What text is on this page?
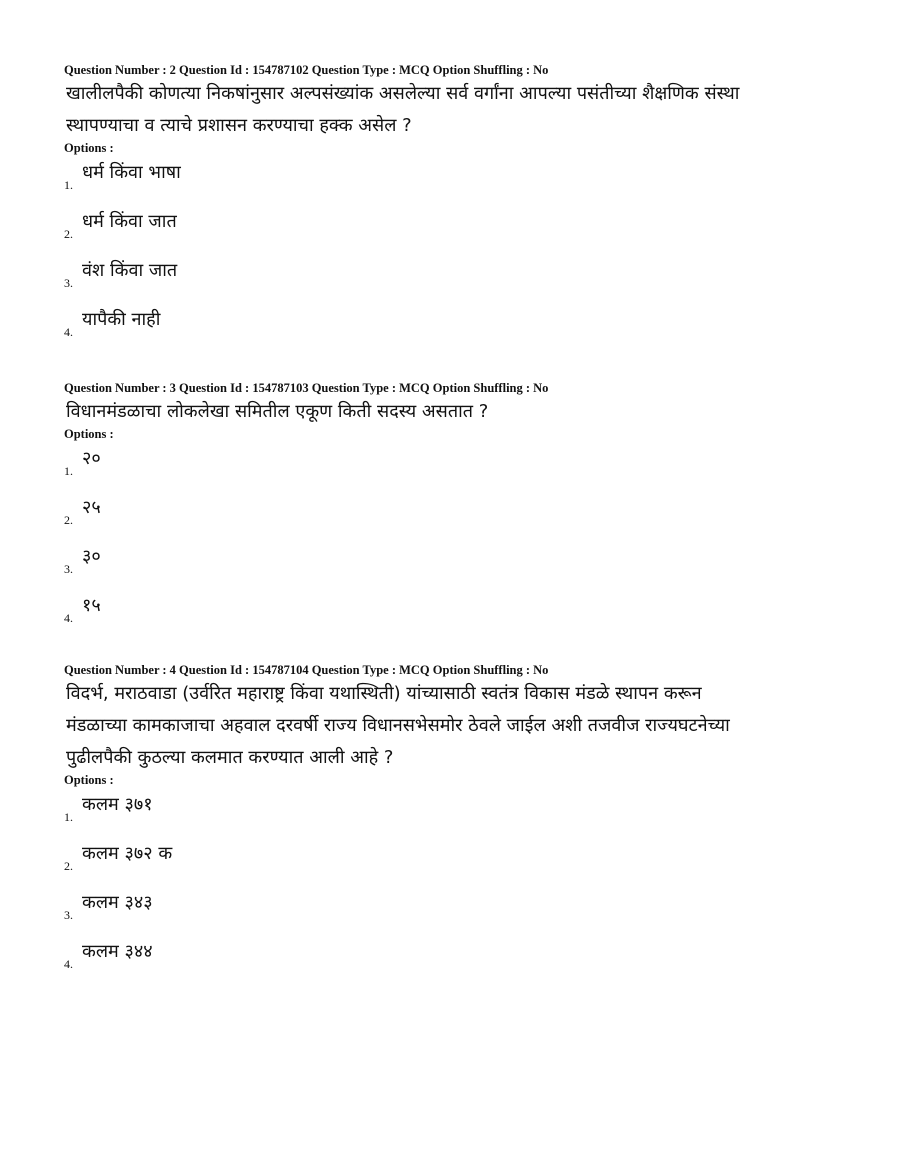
Question Number : 2 Question Id : 154787102 Question Type : MCQ Option Shuffling : No
खालीलपैकी कोणत्या निकषांनुसार अल्पसंख्यांक असलेल्या सर्व वर्गांना आपल्या पसंतीच्या शैक्षणिक संस्था
स्थापण्याचा व त्याचे प्रशासन करण्याचा हक्क असेल ?
Options :
1.
धर्म किंवा भाषा
2.
धर्म किंवा जात
3.
वंश किंवा जात
4.
यापैकी नाही
Question Number : 3 Question Id : 154787103 Question Type : MCQ Option Shuffling : No
विधानमंडळाचा लोकलेखा समितील एकूण किती सदस्य असतात ?
Options :
1.
२०
2.
२५
3.
३०
4.
१५
Question Number : 4 Question Id : 154787104 Question Type : MCQ Option Shuffling : No
विदर्भ, मराठवाडा (उर्वरित महाराष्ट्र किंवा यथास्थिती) यांच्यासाठी स्वतंत्र विकास मंडळे स्थापन करून
मंडळाच्या कामकाजाचा अहवाल दरवर्षी राज्य विधानसभेसमोर ठेवले जाईल अशी तजवीज राज्यघटनेच्या
पुढीलपैकी कुठल्या कलमात करण्यात आली आहे ?
Options :
1.
कलम ३७१
2.
कलम ३७२ क
3.
कलम ३४३
4.
कलम ३४४
